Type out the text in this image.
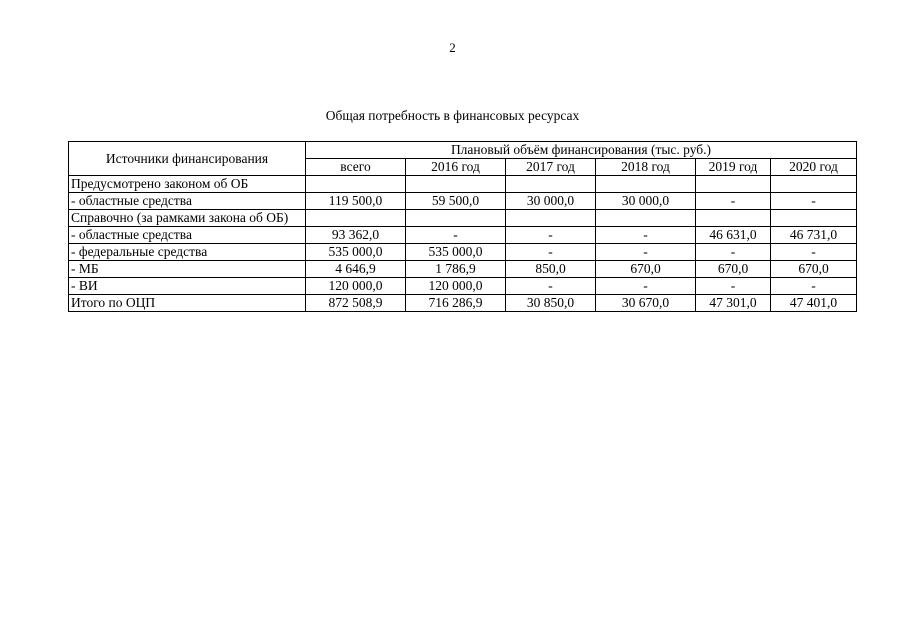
2
Общая потребность в финансовых ресурсах
Источники финансирования	Плановый объём финансирования (тыс. руб.)					
	всего	2016 год	2017 год	2018 год	2019 год	2020 год
Предусмотрено законом об ОБ						
- областные средства	119 500,0	59 500,0	30 000,0	30 000,0	-	-
Справочно (за рамками закона об ОБ)						
- областные средства	93 362,0	-	-	-	46 631,0	46 731,0
- федеральные средства	535 000,0	535 000,0	-	-	-	-
- МБ	4 646,9	1 786,9	850,0	670,0	670,0	670,0
- ВИ	120 000,0	120 000,0	-	-	-	-
Итого по ОЦП	872 508,9	716 286,9	30 850,0	30 670,0	47 301,0	47 401,0
